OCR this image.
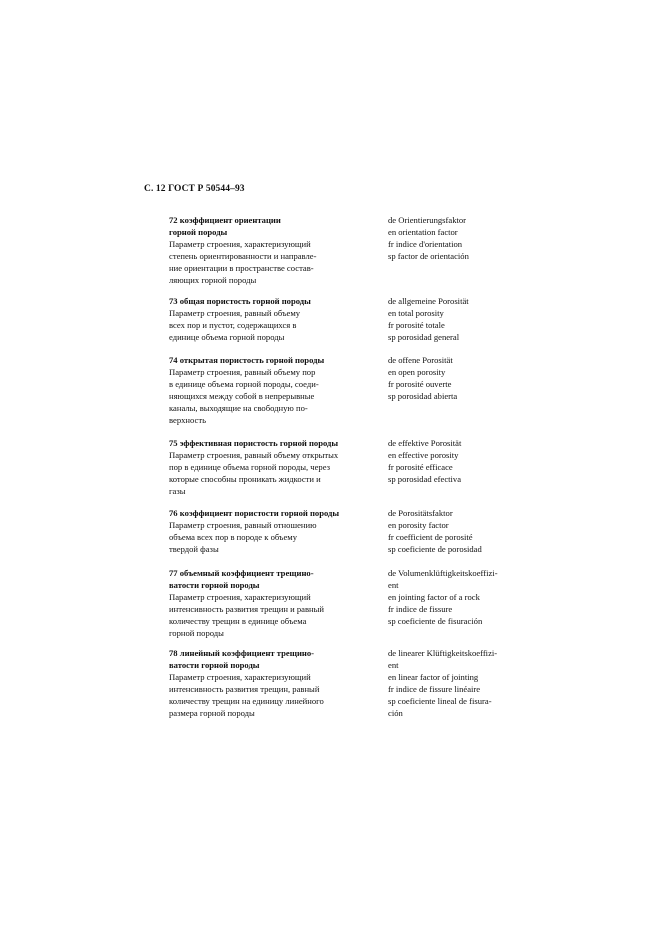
С. 12 ГОСТ Р 50544–93
72 коэффициент ориентации
горной породы
Параметр строения, характеризующий
степень ориентированности и направле-
ние ориентации в пространстве состав-
ляющих горной породы
de Orientierungsfaktor
en orientation factor
fr indice d'orientation
sp factor de orientación
73 общая пористость горной породы
Параметр строения, равный объему
всех пор и пустот, содержащихся в
единице объема горной породы
de allgemeine Porosität
en total porosity
fr porosité totale
sp porosidad general
74 открытая пористость горной породы
Параметр строения, равный объему пор
в единице объема горной породы, соеди-
няющихся между собой в непрерывные
каналы, выходящие на свободную по-
верхность
de offene Porosität
en open porosity
fr porosité ouverte
sp porosidad abierta
75 эффективная пористость горной породы
Параметр строения, равный объему открытых
пор в единице объема горной породы, через
которые способны проникать жидкости и
газы
de effektive Porosität
en effective porosity
fr porosité efficace
sp porosidad efectiva
76 коэффициент пористости горной породы
Параметр строения, равный отношению
объема всех пор в породе к объему
твердой фазы
de Porositätsfaktor
en porosity factor
fr coefficient de porosité
sp coeficiente de porosidad
77 объемный коэффициент трещино-
ватости горной породы
Параметр строения, характеризующий
интенсивность развития трещин и равный
количеству трещин в единице объема
горной породы
de Volumenklüftigkeitskoeffizi-
ent
en jointing factor of a rock
fr indice de fissure
sp coeficiente de fisuración
78 линейный коэффициент трещино-
ватости горной породы
Параметр строения, характеризующий
интенсивность развития трещин, равный
количеству трещин на единицу линейного
размера горной породы
de linearer Klüftigkeitskoeffizi-
ent
en linear factor of jointing
fr indice de fissure linéaire
sp coeficiente lineal de fisura-
ción
